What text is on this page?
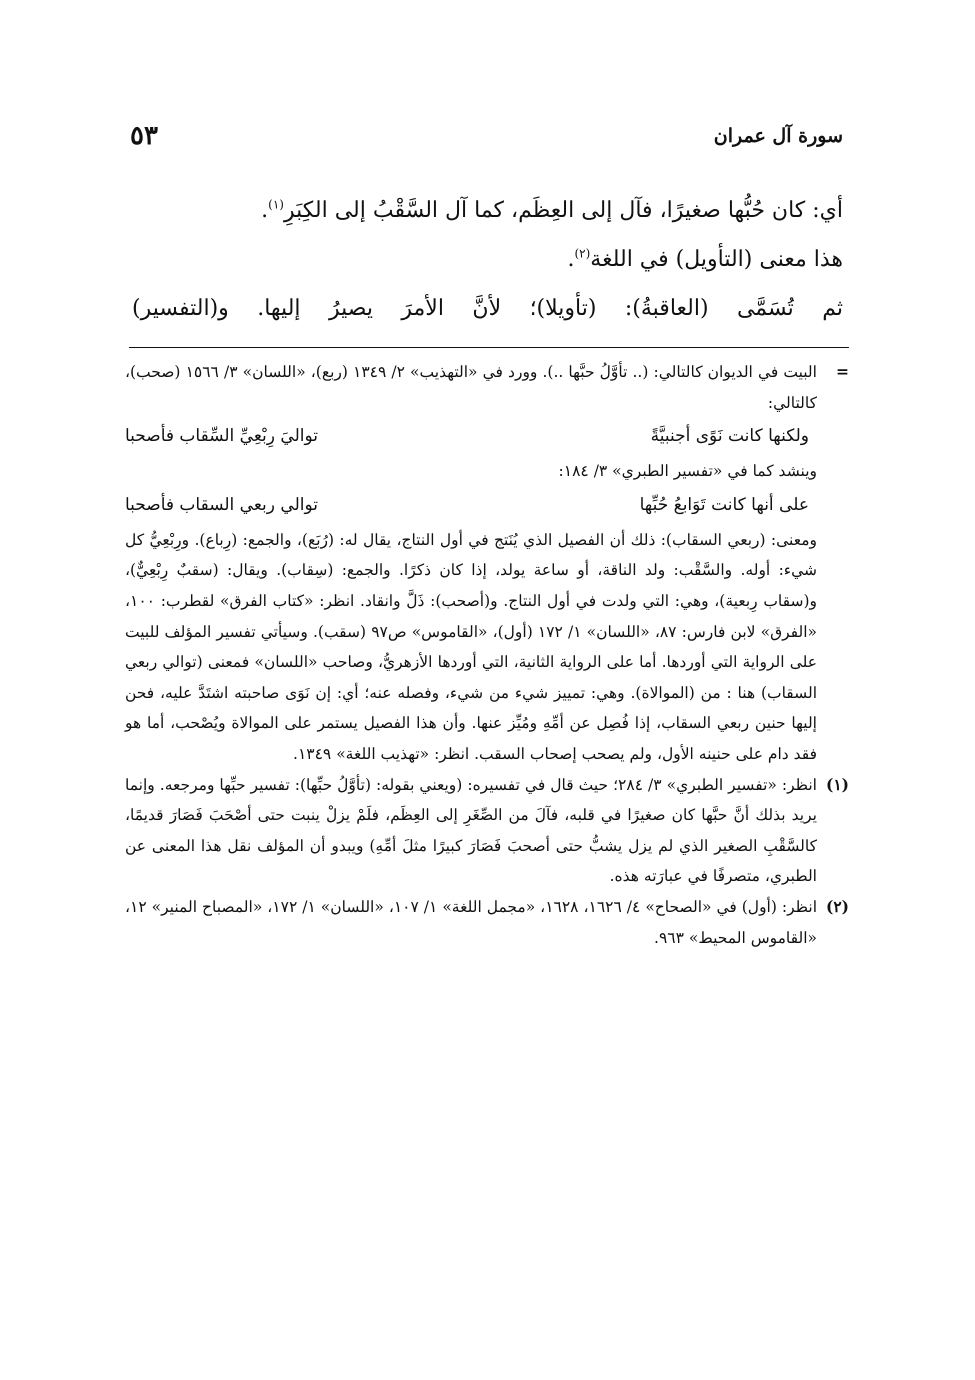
سورة آل عمران
٥٣

أي: كان حُبُّها صغيرًا، فآل إلى العِظَم، كما آل السَّقْبُ إلى الكِبَرِ$^{(١)}$.

هذا معنى (التأويل) في اللغة$^{(٢)}$.

ثم تُسَمَّى (العاقبةُ): (تأويلا)؛ لأنَّ الأمرَ يصيرُ إليها. و(التفسير)

=

البيت في الديوان كالتالي: (.. تأوَّلُ حبَّها ..). وورد في «التهذيب» ٢/ ١٣٤٩ (ربع)، «اللسان» ٣/ ١٥٦٦ (صحب)، كالتالي:

ولكنها كانت نَوًى أجنبيَّةً
تواليَ رِبْعِيِّ السِّقاب فأصحبا

وينشد كما في «تفسير الطبري» ٣/ ١٨٤:

على أنها كانت تَوَابعُ حُبِّها
توالي ربعي السقاب فأصحبا

ومعنى: (ربعي السقاب): ذلك أن الفصيل الذي يُنَتج في أول النتاج، يقال له: (رُبَع)، والجمع: (رِباع). ورِبْعِيُّ كل شيء: أوله. والسَّقْب: ولد الناقة، أو ساعة يولد، إذا كان ذكرًا. والجمع: (سِقاب). ويقال: (سقبٌ رِبْعِيٌّ)، و(سقاب رِبعية)، وهي: التي ولدت في أول النتاج. و(أصحب): ذَلَّ وانقاد. انظر: «كتاب الفرق» لقطرب: ١٠٠، «الفرق» لابن فارس: ٨٧، «اللسان» ١/ ١٧٢ (أول)، «القاموس» ص٩٧ (سقب). وسيأتي تفسير المؤلف للبيت على الرواية التي أوردها. أما على الرواية الثانية، التي أوردها الأزهريُّ، وصاحب «اللسان» فمعنى (توالي ربعي السقاب) هنا : من (الموالاة). وهي: تمييز شيء من شيء، وفصله عنه؛ أي: إن نَوَى صاحبته اشتَدَّ عليه، فحن إليها حنين ربعي السقاب، إذا فُصِل عن أمِّهِ ومُيِّز عنها. وأن هذا الفصيل يستمر على الموالاة ويُصْحب، أما هو فقد دام على حنينه الأول، ولم يصحب إصحاب السقب. انظر: «تهذيب اللغة» ١٣٤٩.

(١)

انظر: «تفسير الطبري» ٣/ ٢٨٤؛ حيث قال في تفسيره: (ويعني بقوله: (تأوَّلُ حبِّها): تفسير حبِّها ومرجعه. وإنما يريد بذلك أنَّ حبَّها كان صغيرًا في قلبه، فآلَ من الصِّغَرِ إلى العِظَم، فلَمْ يزلْ ينبت حتى أصْحَبَ فَصَارَ قديمًا، كالسَّقْبِ الصغير الذي لم يزل يشبُّ حتى أصحبَ فَصَارَ كبيرًا مثلَ أمِّهِ) ويبدو أن المؤلف نقل هذا المعنى عن الطبري، متصرفًا في عبارَته هذه.

(٢)

انظر: (أول) في «الصحاح» ٤/ ١٦٢٦، ١٦٢٨، «مجمل اللغة» ١/ ١٠٧، «اللسان» ١/ ١٧٢، «المصباح المنير» ١٢، «القاموس المحيط» ٩٦٣.
